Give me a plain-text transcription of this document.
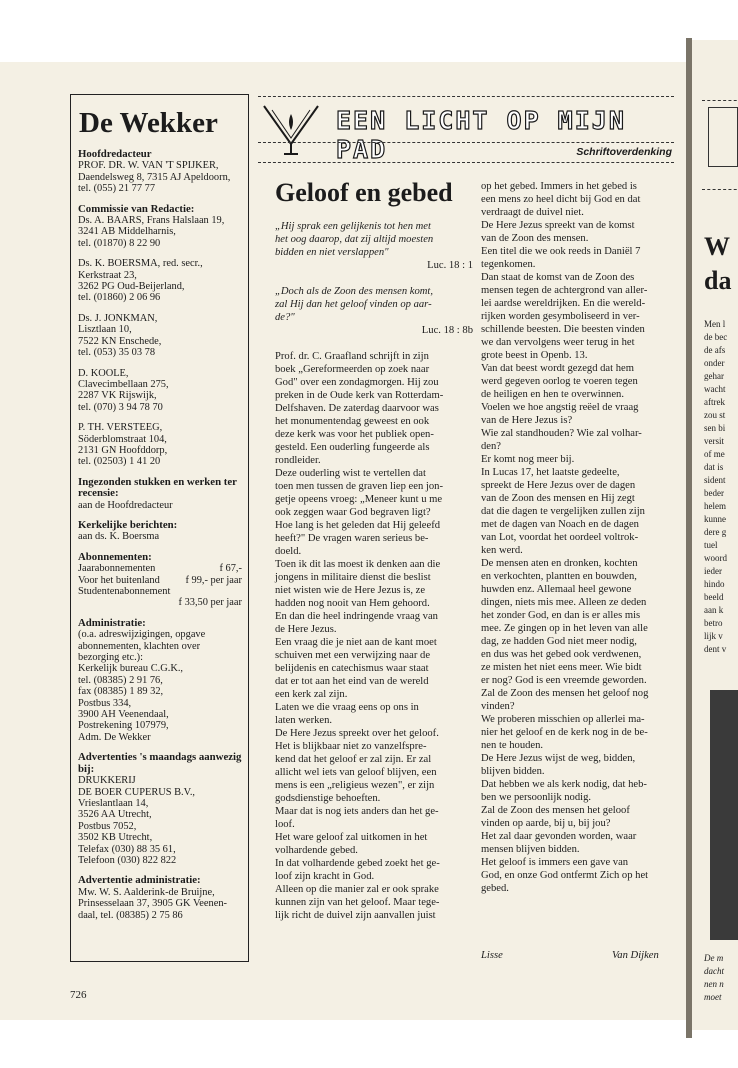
De Wekker
Hoofdredacteur
PROF. DR. W. VAN 'T SPIJKER,
Daendelsweg 8, 7315 AJ Apeldoorn,
tel. (055) 21 77 77
Commissie van Redactie:
Ds. A. BAARS, Frans Halslaan 19,
3241 AB Middelharnis,
tel. (01870) 8 22 90
Ds. K. BOERSMA, red. secr.,
Kerkstraat 23,
3262 PG Oud-Beijerland,
tel. (01860) 2 06 96
Ds. J. JONKMAN,
Lisztlaan 10,
7522 KN Enschede,
tel. (053) 35 03 78
D. KOOLE,
Clavecimbellaan 275,
2287 VK Rijswijk,
tel. (070) 3 94 78 70
P. TH. VERSTEEG,
Söderblomstraat 104,
2131 GN Hoofddorp,
tel. (02503) 1 41 20
Ingezonden stukken en werken ter recensie:
aan de Hoofdredacteur
Kerkelijke berichten:
aan ds. K. Boersma
Abonnementen:
Jaarabonnementen	f 67,-
Voor het buitenland f 99,- per jaar
Studentenabonnement
f 33,50 per jaar
Administratie:
(o.a. adreswijzigingen, opgave
abonnementen, klachten over
bezorging etc.):
Kerkelijk bureau C.G.K.,
tel. (08385) 2 91 76,
fax (08385) 1 89 32,
Postbus 334,
3900 AH Veenendaal,
Postrekening 107979,
Adm. De Wekker
Advertenties 's maandags aanwezig bij:
DRUKKERIJ
DE BOER CUPERUS B.V.,
Vrieslantlaan 14,
3526 AA Utrecht,
Postbus 7052,
3502 KB Utrecht,
Telefax (030) 88 35 61,
Telefoon (030) 822 822
Advertentie administratie:
Mw. W. S. Aalderink-de Bruijne,
Prinsesselaan 37, 3905 GK Veenen-
daal, tel. (08385) 2 75 86
EEN LICHT OP MIJN PAD	Schriftoverdenking
Geloof en gebed

„Hij sprak een gelijkenis tot hen met

het oog daarop, dat zij altijd moesten

bidden en niet verslappen"

Luc. 18 : 1

„Doch als de Zoon des mensen komt,

zal Hij dan het geloof vinden op aar-

de?"

Luc. 18 : 8b

Prof. dr. C. Graafland schrijft in zijn

boek „Gereformeerden op zoek naar

God" over een zondagmorgen. Hij zou

preken in de Oude kerk van Rotterdam-

Delfshaven. De zaterdag daarvoor was

het monumentendag geweest en ook

deze kerk was voor het publiek open-

gesteld. Een ouderling fungeerde als

rondleider.

Deze ouderling wist te vertellen dat

toen men tussen de graven liep een jon-

getje opeens vroeg: „Meneer kunt u me

ook zeggen waar God begraven ligt?

Hoe lang is het geleden dat Hij geleefd

heeft?" De vragen waren serieus be-

doeld.

Toen ik dit las moest ik denken aan die

jongens in militaire dienst die beslist

niet wisten wie de Here Jezus is, ze

hadden nog nooit van Hem gehoord.

En dan die heel indringende vraag van

de Here Jezus.

Een vraag die je niet aan de kant moet

schuiven met een verwijzing naar de

belijdenis en catechismus waar staat

dat er tot aan het eind van de wereld

een kerk zal zijn.

Laten we die vraag eens op ons in

laten werken.

De Here Jezus spreekt over het geloof.

Het is blijkbaar niet zo vanzelfspre-

kend dat het geloof er zal zijn. Er zal

allicht wel iets van geloof blijven, een

mens is een „religieus wezen", er zijn

godsdienstige behoeften.

Maar dat is nog iets anders dan het ge-

loof.

Het ware geloof zal uitkomen in het

volhardende gebed.

In dat volhardende gebed zoekt het ge-

loof zijn kracht in God.

Alleen op die manier zal er ook sprake

kunnen zijn van het geloof. Maar tege-

lijk richt de duivel zijn aanvallen juist

op het gebed. Immers in het gebed is

een mens zo heel dicht bij God en dat

verdraagt de duivel niet.

De Here Jezus spreekt van de komst

van de Zoon des mensen.

Een titel die we ook reeds in Daniël 7

tegenkomen.

Dan staat de komst van de Zoon des

mensen tegen de achtergrond van aller-

lei aardse wereldrijken. En die wereld-

rijken worden gesymboliseerd in ver-

schillende beesten. Die beesten vinden

we dan vervolgens weer terug in het

grote beest in Openb. 13.

Van dat beest wordt gezegd dat hem

werd gegeven oorlog te voeren tegen

de heiligen en hen te overwinnen.

Voelen we hoe angstig reëel de vraag

van de Here Jezus is?

Wie zal standhouden? Wie zal volhar-

den?

Er komt nog meer bij.

In Lucas 17, het laatste gedeelte,

spreekt de Here Jezus over de dagen

van de Zoon des mensen en Hij zegt

dat die dagen te vergelijken zullen zijn

met de dagen van Noach en de dagen

van Lot, voordat het oordeel voltrok-

ken werd.

De mensen aten en dronken, kochten

en verkochten, plantten en bouwden,

huwden enz. Allemaal heel gewone

dingen, niets mis mee. Alleen ze deden

het zonder God, en dan is er alles mis

mee. Ze gingen op in het leven van alle

dag, ze hadden God niet meer nodig,

en dus was het gebed ook verdwenen,

ze misten het niet eens meer. Wie bidt

er nog? God is een vreemde geworden.

Zal de Zoon des mensen het geloof nog

vinden?

We proberen misschien op allerlei ma-

nier het geloof en de kerk nog in de be-

nen te houden.

De Here Jezus wijst de weg, bidden,

blijven bidden.

Dat hebben we als kerk nodig, dat heb-

ben we persoonlijk nodig.

Zal de Zoon des mensen het geloof

vinden op aarde, bij u, bij jou?

Het zal daar gevonden worden, waar

mensen blijven bidden.

Het geloof is immers een gave van

God, en onze God ontfermt Zich op het

gebed.

Lisse	Van Dijken
726
W
da

Men l

de bec

de afs

onder

gehar

wacht

aftrek

zou st

sen bi

versit

of me

dat is

sident

beder

helem

kunne

dere g

tuel

woord

ieder

hindo

beeld

aan k

betro

lijk v

dent v

De m

dacht

nen n

moet
